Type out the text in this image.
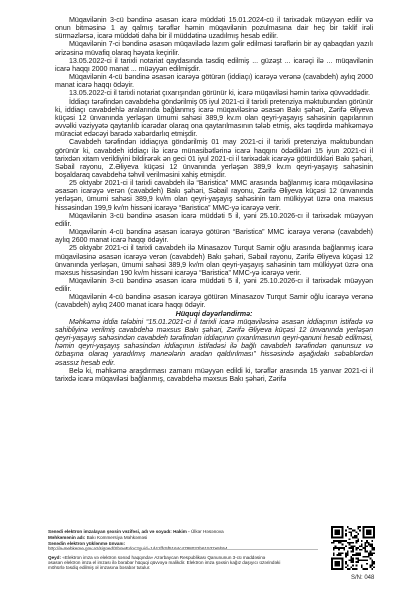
Müqavilənin 3-cü bəndinə əsasən icarə müddəti 15.01.2024-cü il tarixədək müəyyən edilir və onun bitməsinə 1 ay qalmış tərəflər həmin müqavilənin pozulmasına dair heç bir təklif irəli sürməzlərsə, icarə müddəti daha bir il müddətinə uzadılmış hesab edilir.

Müqavilənin 7-ci bəndinə əsasən müqavilədə lazım gəlir edilməsi tərəflərin bir ay qabaqdan yazılı ərizəsinə müvafiq olaraq həyata keçirilir.

13.05.2022-ci il tarixli notariat qaydasında təsdiq edilmiş ... güzəşt ... icarəçi ilə ... müqavilənin icarə haqqı 2000 manat ... müəyyən edilmişdir.

Müqavilənin 4-cü bəndinə əsasən icarəyə götürən (iddiaçı) icarəyə verənə (cavabdeh) aylıq 2000 manat icarə haqqı ödəyir.

13.05.2022-ci il tarixli notariat çıxarışından görünür ki, icarə müqaviləsi həmin tarixə qüvvəddədir.

İddiaçı tərəfindən cavabdehə göndərilmiş 05 iyul 2021-ci il tarixli pretenziya məktubundan görünür ki, iddiaçı cavabdehlə aralarında bağlanmış icarə müqaviləsinə əsasən Bakı şəhəri, Zərifə Əliyeva küçəsi 12 ünvanında yerləşən ümumi sahəsi 389,9 kv.m olan qeyri-yaşayış sahəsinin qapılarının əvvəlki vəziyyətə qaytarılıb icarədar olaraq ona qaytarılmasının tələb etmiş, əks təqdirdə məhkəməyə müraciət edəcəyi barədə xəbərdarlıq etmişdir.

Cavabdeh tərəfindən iddiaçıya göndərilmiş 01 may 2021-ci il tarixli pretenziya məktubundan görünür ki, cavabdeh iddiaçı ilə icarə münasibətlərinə icarə haqqını ödədikləri 15 iyun 2021-ci il tarixdən xitam verildiyini bildirərək ən geci 01 iyul 2021-ci il tarixədək icarəyə götürdükləri Bakı şəhəri, Səbail rayonu, Z.Əliyeva küçəsi 12 ünvanında yerləşən 389,9 kv.m qeyri-yaşayış sahəsinin boşaldaraq cavabdehə təhvil verilməsini xahiş etmişdir.

25 oktyabr 2021-ci il tarixli cavabdeh ilə “Baristica” MMC arasında bağlanmış icarə müqaviləsinə əsasən icarəyə verən (cavabdeh) Bakı şəhəri, Səbail rayonu, Zərifə Əliyeva küçəsi 12 ünvanında yerləşən, ümumi sahəsi 389,9 kv/m olan qeyri-yaşayış sahəsinin tam mülkiyyət üzrə ona məxsus hissəsindən 199,9 kv/m hissəni icarəyə “Baristica” MMC-yə icarəyə verir.

Müqavilənin 3-cü bəndinə əsasən icarə müddəti 5 il, yəni 25.10.2026-cı il tarixədək müəyyən edilir.

Müqavilənin 4-cü bəndinə əsasən icarəyə götürən “Baristica” MMC icarəyə verənə (cavabdeh) aylıq 2600 manat icarə haqqı ödəyir.

25 oktyabr 2021-ci il tarixli cavabdeh ilə Minasazov Turqut Samir oğlu arasında bağlanmış icarə müqaviləsinə əsasən icarəyə verən (cavabdeh) Bakı şəhəri, Səbail rayonu, Zərifə Əliyeva küçəsi 12 ünvanında yerləşən, ümumi sahəsi 389,9 kv/m olan qeyri-yaşayış sahəsinin tam mülkiyyət üzrə ona məxsus hissəsindən 190 kv/m hissəni icarəyə “Baristica” MMC-yə icarəyə verir.

Müqavilənin 3-cü bəndinə əsasən icarə müddəti 5 il, yəni 25.10.2026-cı il tarixədək müəyyən edilir.

Müqavilənin 4-cü bəndinə əsasən icarəyə götürən Minasazov Turqut Samir oğlu icarəyə verənə (cavabdeh) aylıq 2400 manat icarə haqqı ödəyir.

Hüquqi dəyərləndirmə:

Məhkəmə iddia tələbini “15.01.2021-ci il tarixli icarə müqaviləsinə əsasən iddiaçının istifadə və sahibliyinə verilmiş cavabdehə məxsus Bakı şəhəri, Zərifə Əliyeva küçəsi 12 ünvanında yerləşən qeyri-yaşayış sahəsindən cavabdeh tərəfindən iddiaçının çıxarılmasının qeyri-qanuni hesab edilməsi, həmin qeyri-yaşayış sahəsindən iddiaçının istifadəsi ilə bağlı cavabdeh tərəfindən qanunsuz və özbaşına olaraq yaradılmış maneələrin aradan qaldırılması” hissəsində aşağıdakı səbəblərdən əsassız hesab edir.

Belə ki, məhkəmə araşdırması zamanı müəyyən edildi ki, tərəflər arasında 15 yanvar 2021-ci il tarixdə icarə müqaviləsi bağlanmış, cavabdehə məxsus Bakı şəhəri, Zərifə

Sənədi elektron imzalayan şəxsin vəzifəsi, adı və soyadı: Hakim - Ülkər Həsənova
Məhkəmənin adı: Bakı Kommersiya Məhkəməsi
Sənədin elektron yüklənmə ünvanı:
http://e-mehkeme.gov.az/signed/ShowEdoc?guid=1d41ffc5f5164c4788032b61537e5b54
Qeyd: «Elektron imza və elektron sənəd haqqında» Azərbaycan Respublikası Qanununun 3-cü maddəsinə
əsasən elektron imza el imzası ilə bərabər hüquqi qüvvəyə malikdir. Elektron imza şəxsin kağız daşıyıcı üzərindəki
möhürlə təsdiq edilmiş əl imzasına bərabər tutulur.
S/N: 048
